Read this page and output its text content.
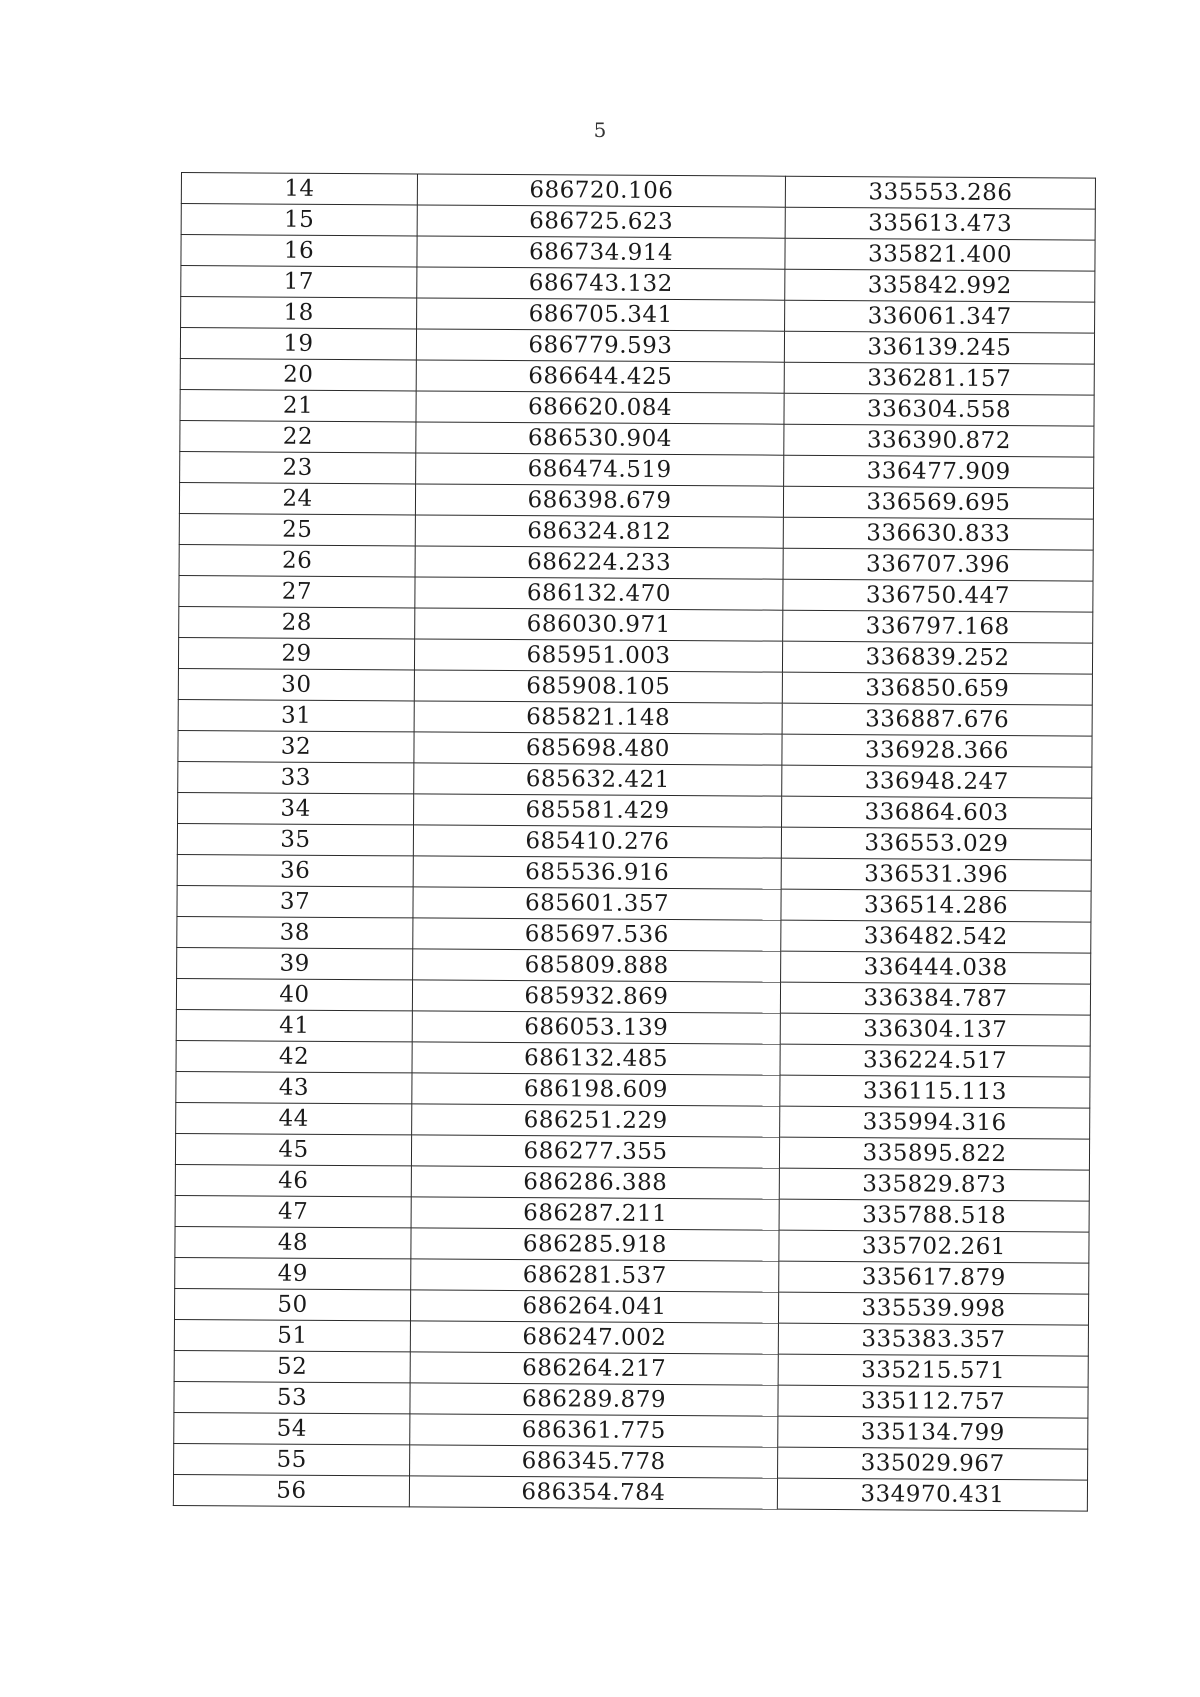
5
14	686720.106	335553.286
15	686725.623	335613.473
16	686734.914	335821.400
17	686743.132	335842.992
18	686705.341	336061.347
19	686779.593	336139.245
20	686644.425	336281.157
21	686620.084	336304.558
22	686530.904	336390.872
23	686474.519	336477.909
24	686398.679	336569.695
25	686324.812	336630.833
26	686224.233	336707.396
27	686132.470	336750.447
28	686030.971	336797.168
29	685951.003	336839.252
30	685908.105	336850.659
31	685821.148	336887.676
32	685698.480	336928.366
33	685632.421	336948.247
34	685581.429	336864.603
35	685410.276	336553.029
36	685536.916	336531.396
37	685601.357	336514.286
38	685697.536	336482.542
39	685809.888	336444.038
40	685932.869	336384.787
41	686053.139	336304.137
42	686132.485	336224.517
43	686198.609	336115.113
44	686251.229	335994.316
45	686277.355	335895.822
46	686286.388	335829.873
47	686287.211	335788.518
48	686285.918	335702.261
49	686281.537	335617.879
50	686264.041	335539.998
51	686247.002	335383.357
52	686264.217	335215.571
53	686289.879	335112.757
54	686361.775	335134.799
55	686345.778	335029.967
56	686354.784	334970.431
